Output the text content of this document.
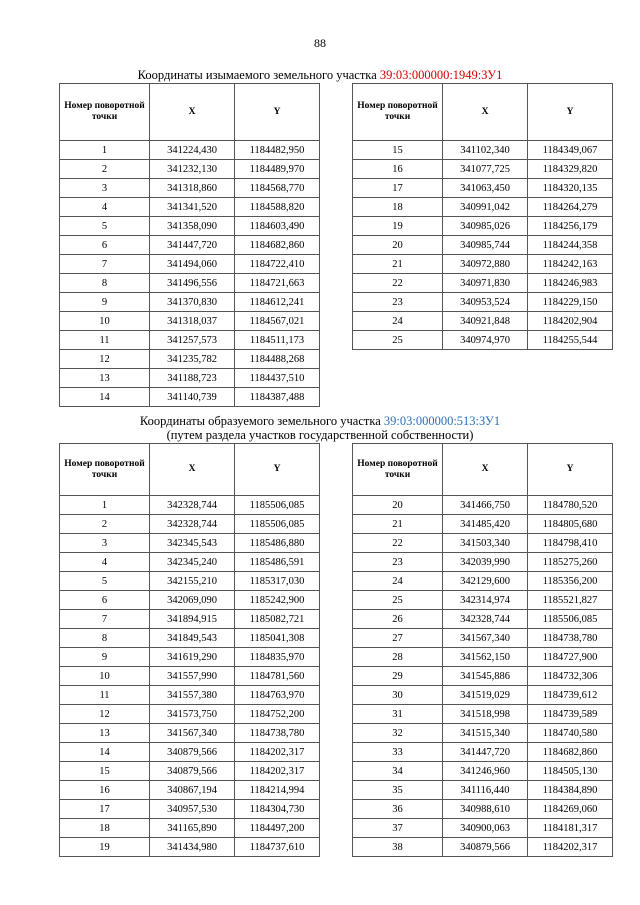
88
Координаты изымаемого земельного участка 39:03:000000:1949:ЗУ1
Номер поворотной точки	X	Y
1	341224,430	1184482,950
2	341232,130	1184489,970
3	341318,860	1184568,770
4	341341,520	1184588,820
5	341358,090	1184603,490
6	341447,720	1184682,860
7	341494,060	1184722,410
8	341496,556	1184721,663
9	341370,830	1184612,241
10	341318,037	1184567,021
11	341257,573	1184511,173
12	341235,782	1184488,268
13	341188,723	1184437,510
14	341140,739	1184387,488
Номер поворотной точки	X	Y
15	341102,340	1184349,067
16	341077,725	1184329,820
17	341063,450	1184320,135
18	340991,042	1184264,279
19	340985,026	1184256,179
20	340985,744	1184244,358
21	340972,880	1184242,163
22	340971,830	1184246,983
23	340953,524	1184229,150
24	340921,848	1184202,904
25	340974,970	1184255,544
Координаты образуемого земельного участка 39:03:000000:513:ЗУ1
(путем раздела участков государственной собственности)
Номер поворотной точки	X	Y
1	342328,744	1185506,085
2	342328,744	1185506,085
3	342345,543	1185486,880
4	342345,240	1185486,591
5	342155,210	1185317,030
6	342069,090	1185242,900
7	341894,915	1185082,721
8	341849,543	1185041,308
9	341619,290	1184835,970
10	341557,990	1184781,560
11	341557,380	1184763,970
12	341573,750	1184752,200
13	341567,340	1184738,780
14	340879,566	1184202,317
15	340879,566	1184202,317
16	340867,194	1184214,994
17	340957,530	1184304,730
18	341165,890	1184497,200
19	341434,980	1184737,610
Номер поворотной точки	X	Y
20	341466,750	1184780,520
21	341485,420	1184805,680
22	341503,340	1184798,410
23	342039,990	1185275,260
24	342129,600	1185356,200
25	342314,974	1185521,827
26	342328,744	1185506,085
27	341567,340	1184738,780
28	341562,150	1184727,900
29	341545,886	1184732,306
30	341519,029	1184739,612
31	341518,998	1184739,589
32	341515,340	1184740,580
33	341447,720	1184682,860
34	341246,960	1184505,130
35	341116,440	1184384,890
36	340988,610	1184269,060
37	340900,063	1184181,317
38	340879,566	1184202,317
